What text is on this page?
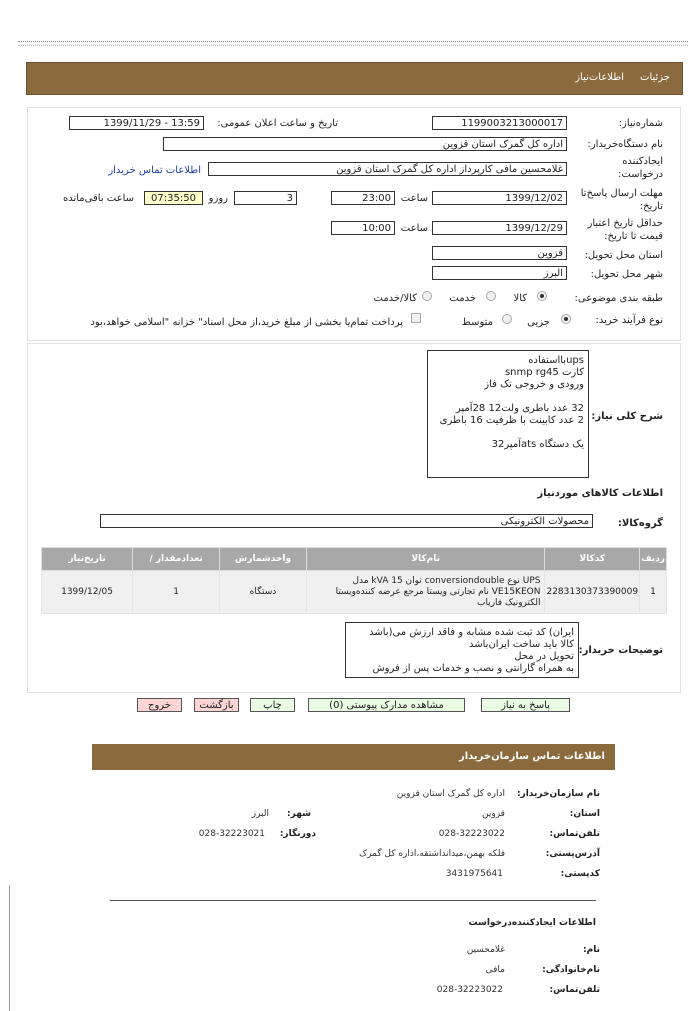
جزئیات
اطلاعات‌نیاز
شماره‌نیاز:
1199003213000017
تاریخ و ساعت اعلان عمومی:
1399/11/29 - 13:59
نام دستگاه‌خریدار:
اداره کل گمرک استان قزوین
ایجادکننده
درخواست:
غلامحسین مافی کارپرداز اداره کل گمرک استان قزوین
اطلاعات تماس خریدار
مهلت ارسال پاسخ‌تا
تاریخ:
1399/12/02
ساعت
23:00
3
روزو
07:35:50
ساعت باقی‌مانده
حداقل تاریخ اعتبار
قیمت تا تاریخ:
1399/12/29
ساعت
10:00
استان محل تحویل:
قزوین
شهر محل تحویل:
البرز
طبقه بندی موضوعی:
کالا
خدمت
کالا/خدمت
نوع فرآیند خرید:
جزیی
متوسط
پرداخت تمام‌یا بخشی از مبلغ خرید،از محل اسناد" خزانه "اسلامی خواهد،بود
شرح کلی نیاز:
upsبااستفاده
کارت snmp rg45
ورودی و خروجی تک فاز

32 عدد باطری ولت12 28آمپر
2 عدد کابینت با ظرفیت 16 باطری

یک دستگاه atsآمپر32
اطلاعات کالاهای موردنیاز
گروه‌کالا:
محصولات الکترونیکی
ردیف	کدکالا	نام‌کالا	واحدشمارش	تعدادمقدار /	تاریخ‌نیاز
1	2283130373390009	UPS نوع conversiondouble توان 15 kVA مدل
VE15KEON نام تجارتی ویستا مرجع عرضه کننده‌ویستا
الکترونیک فاریاب	دستگاه	1	1399/12/05
توضیحات خریدار:
ایران) کد ثبت شده مشابه و فاقد ارزش می(باشد
کالا باید ساخت ایران‌باشد
تحویل در محل
به همراه گارانتی و نصب و خدمات پس از فروش
پاسخ به نیاز
مشاهده مدارک پیوستی (0)
چاپ
بازگشت
خروج
اطلاعات تماس سازمان‌خریدار
نام سازمان‌خریدار:
اداره کل گمرک استان قزوین
استان:
قزوین
شهر:
البرز
تلفن‌تماس:
028-32223022
دورنگار:
028-32223021
آدرس‌پستی:
فلکه بهمن،میدانداشتقه،اداره کل گمرک
کدپستی:
3431975641
اطلاعات ایجادکننده‌درخواست
نام:
غلامحسین
نام‌خانوادگی:
مافی
تلفن‌تماس:
028-32223022
